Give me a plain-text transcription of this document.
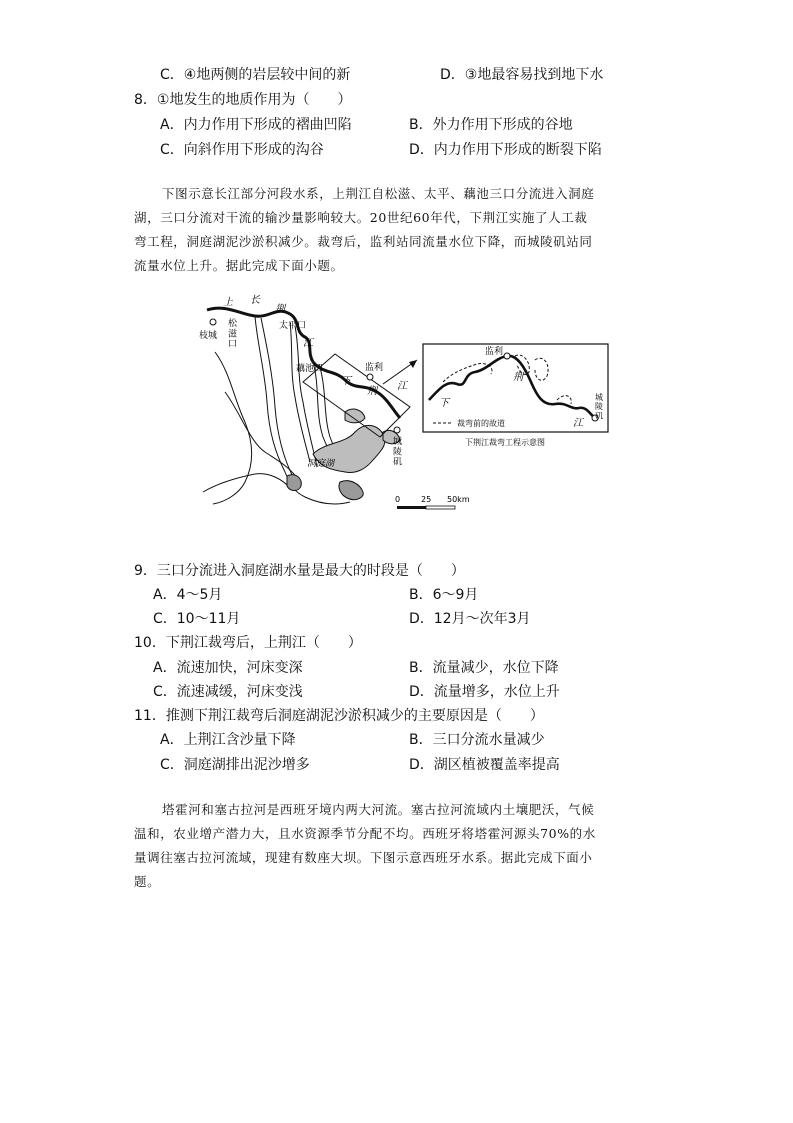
C．④地两侧的岩层较中间的新	D．③地最容易找到地下水
8．①地发生的地质作用为（　　）
A．内力作用下形成的褶曲凹陷	B．外力作用下形成的谷地
C．向斜作用下形成的沟谷	D．内力作用下形成的断裂下陷
下图示意长江部分河段水系，上荆江自松滋、太平、藕池三口分流进入洞庭
湖，三口分流对干流的输沙量影响较大。20世纪60年代，下荆江实施了人工裁
弯工程，洞庭湖泥沙淤积减少。裁弯后，监利站同流量水位下降，而城陵矶站同
流量水位上升。据此完成下面小题。
上 长
荆
江
枝城
松 滋口
太平口
藕池口	监利
下
荆 江
城 陵矶
洞庭湖
0	25 50km
监利
荆
下
江
城 陵矶
裁弯前的故道
下荆江裁弯工程示意图
9．三口分流进入洞庭湖水量是最大的时段是（　　）
A．4～5月	B．6～9月
C．10～11月	D．12月～次年3月
10．下荆江裁弯后，上荆江（　　）
A．流速加快，河床变深	B．流量减少，水位下降
C．流速减缓，河床变浅	D．流量增多，水位上升
11．推测下荆江裁弯后洞庭湖泥沙淤积减少的主要原因是（　　）
A．上荆江含沙量下降	B．三口分流水量减少
C．洞庭湖排出泥沙增多	D．湖区植被覆盖率提高
塔霍河和塞古拉河是西班牙境内两大河流。塞古拉河流域内土壤肥沃，气候
温和，农业增产潜力大，且水资源季节分配不均。西班牙将塔霍河源头70%的水
量调往塞古拉河流域，现建有数座大坝。下图示意西班牙水系。据此完成下面小
题。
